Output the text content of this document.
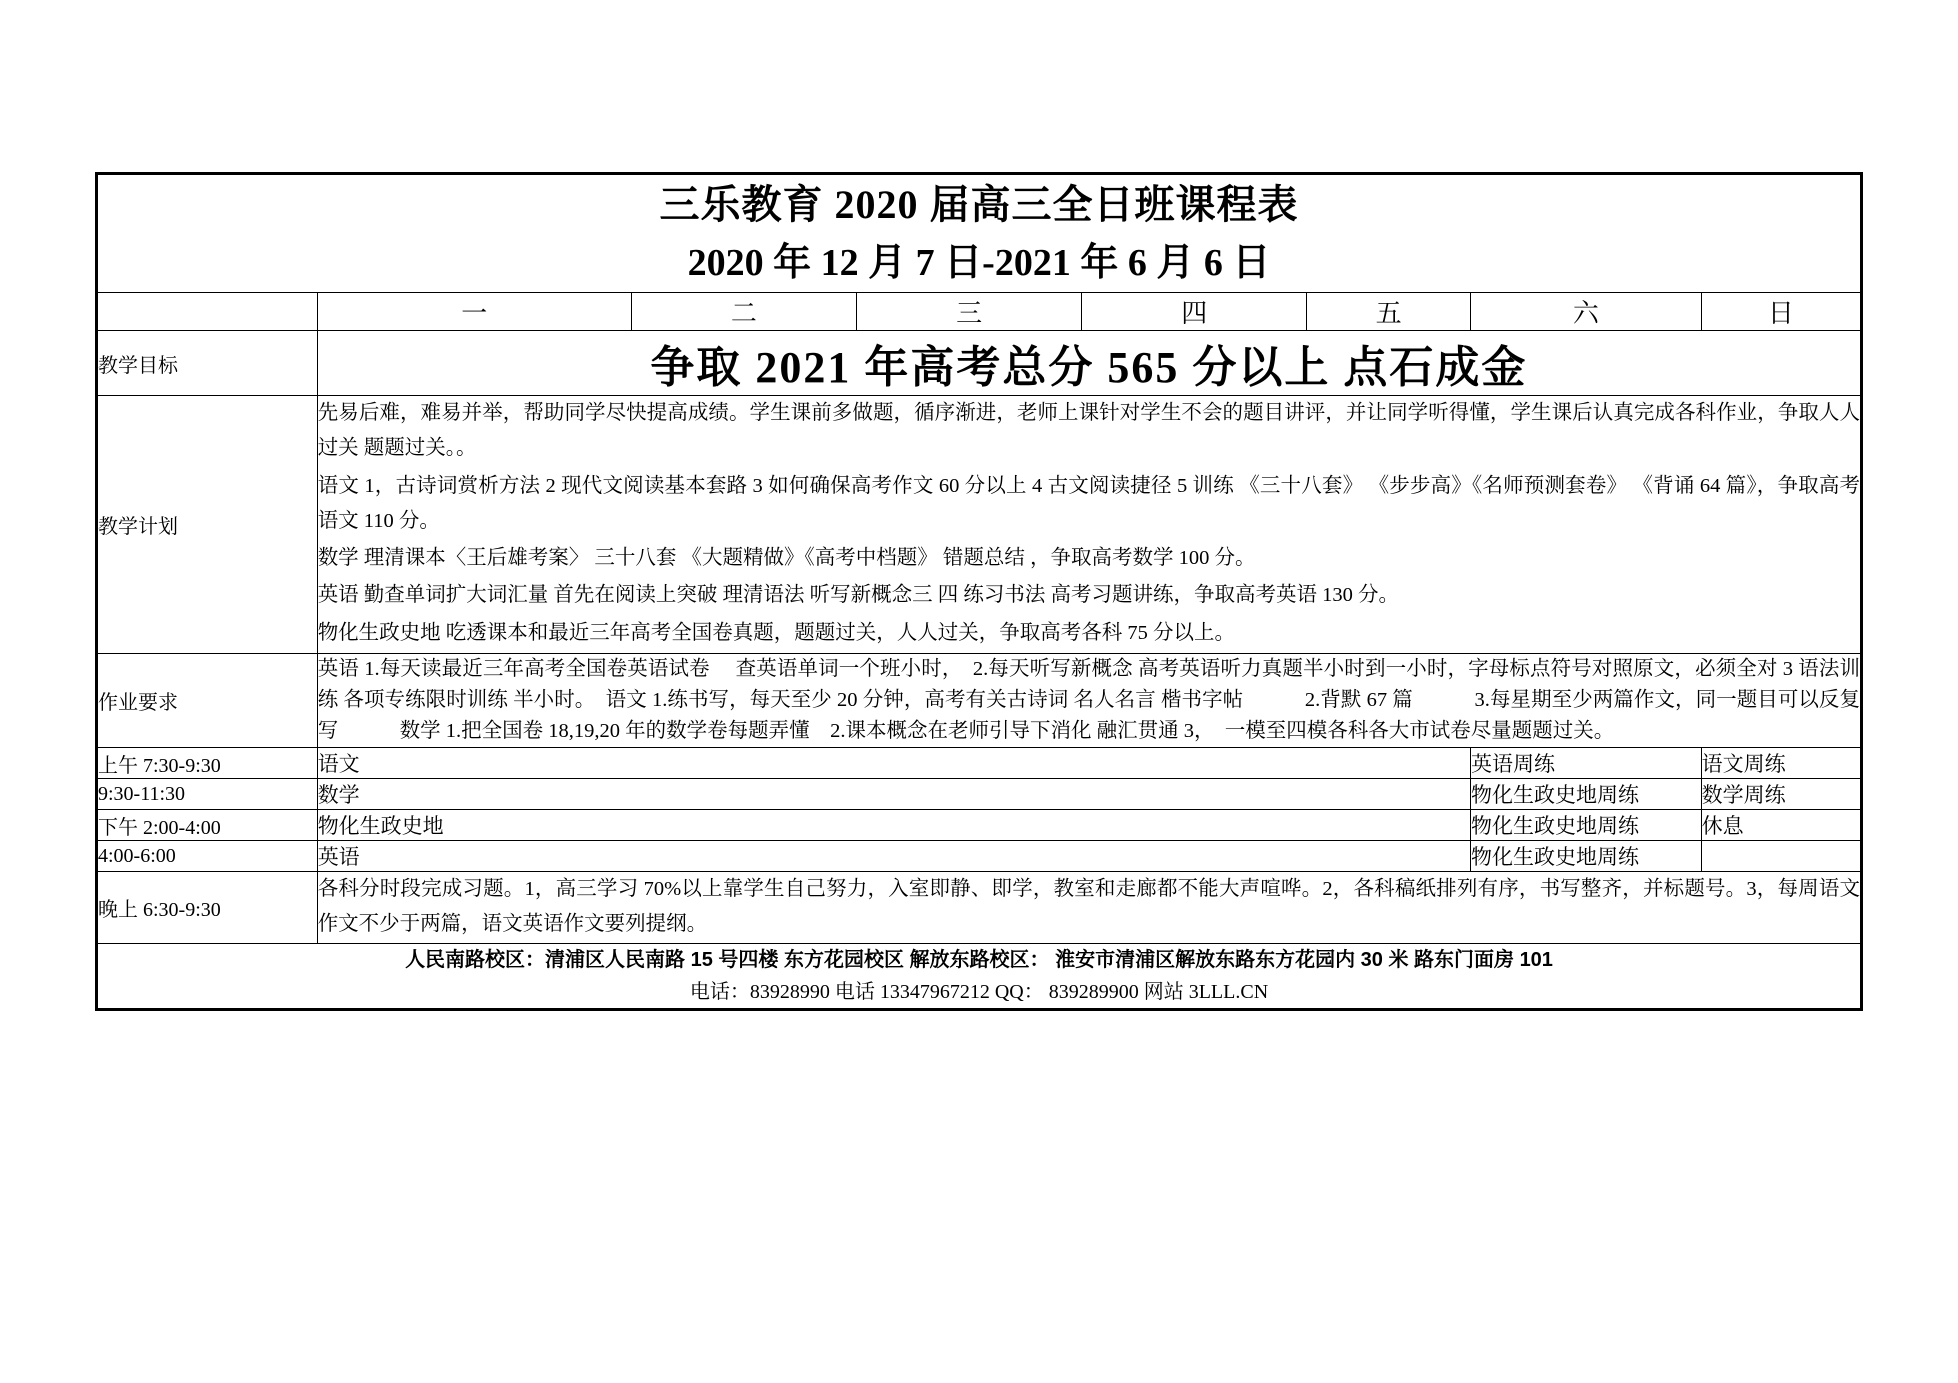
三乐教育 2020 届高三全日班课程表
2020 年 12 月 7 日-2021 年 6 月 6 日							

	一	二	三	四	五	六	日
教学目标	争取 2021 年高考总分 565 分以上 点石成金						
教学计划	先易后难，难易并举，帮助同学尽快提高成绩。学生课前多做题，循序渐进，老师上课针对学生不会的题目讲评，并让同学听得懂，学生课后认真完成各科作业，争取人人过关 题题过关。。

语文 1，古诗词赏析方法 2 现代文阅读基本套路 3 如何确保高考作文 60 分以上 4 古文阅读捷径 5 训练 《三十八套》 《步步高》《名师预测套卷》 《背诵 64 篇》，争取高考语文 110 分。

数学 理清课本〈王后雄考案〉 三十八套 《大题精做》《高考中档题》 错题总结 ，争取高考数学 100 分。

英语 勤查单词扩大词汇量 首先在阅读上突破 理清语法 听写新概念三 四 练习书法 高考习题讲练，争取高考英语 130 分。

物化生政史地 吃透课本和最近三年高考全国卷真题，题题过关，人人过关，争取高考各科 75 分以上。						

作业要求	英语 1.每天读最近三年高考全国卷英语试卷　 查英语单词一个班小时，　2.每天听写新概念 高考英语听力真题半小时到一小时，字母标点符号对照原文，必须全对 3 语法训练 各项专练限时训练 半小时。　语文 1.练书写，每天至少 20 分钟，高考有关古诗词 名人名言 楷书字帖　　　2.背默 67 篇　　　3.每星期至少两篇作文，同一题目可以反复写　　　数学 1.把全国卷 18,19,20 年的数学卷每题弄懂　2.课本概念在老师引导下消化 融汇贯通 3，　一模至四模各科各大市试卷尽量题题过关。						

上午 7:30-9:30	语文					英语周练	语文周练
9:30-11:30	数学					物化生政史地周练	数学周练
下午 2:00-4:00	物化生政史地					物化生政史地周练	休息
4:00-6:00	英语					物化生政史地周练	
晚上 6:30-9:30	各科分时段完成习题。1，高三学习 70%以上靠学生自己努力，入室即静、即学，教室和走廊都不能大声喧哗。2，各科稿纸排列有序，书写整齐，并标题号。3，每周语文作文不少于两篇，语文英语作文要列提纲。						

人民南路校区：清浦区人民南路 15 号四楼 东方花园校区 解放东路校区： 淮安市清浦区解放东路东方花园内 30 米 路东门面房 101
电话：83928990 电话 13347967212 QQ： 839289900 网站 3LLL.CN							
